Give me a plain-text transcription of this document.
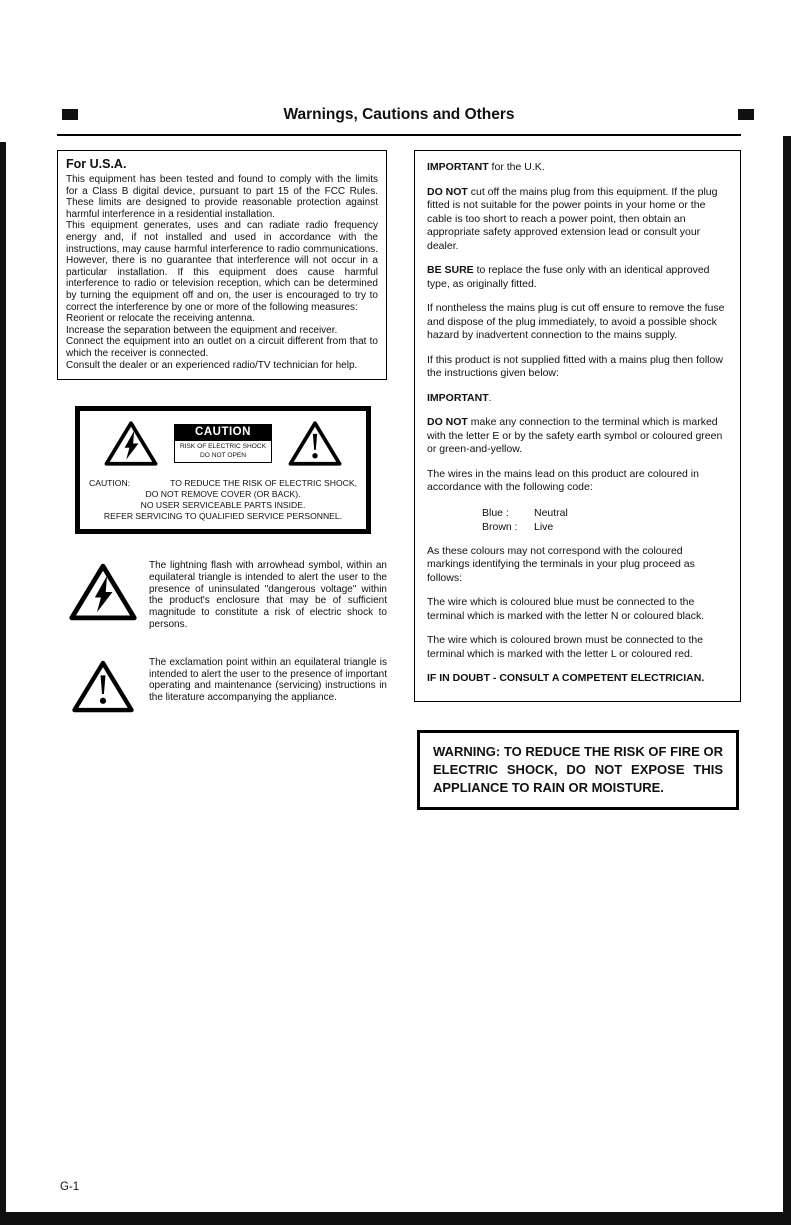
Warnings, Cautions and Others

For U.S.A.

This equipment has been tested and found to comply with the limits for a Class B digital device, pursuant to part 15 of the FCC Rules. These limits are designed to provide reasonable protection against harmful interference in a residential installation.

This equipment generates, uses and can radiate radio frequency energy and, if not installed and used in accordance with the instructions, may cause harmful interference to radio communications. However, there is no guarantee that interference will not occur in a particular installation. If this equipment does cause harmful interference to radio or television reception, which can be determined by turning the equipment off and on, the user is encouraged to try to correct the interference by one or more of the following measures:

Reorient or relocate the receiving antenna.

Increase the separation between the equipment and receiver.

Connect the equipment into an outlet on a circuit different from that to which the receiver is connected.

Consult the dealer or an experienced radio/TV technician for help.

CAUTION
RISK OF ELECTRIC SHOCK
DO NOT OPEN
CAUTION:	TO REDUCE THE RISK OF ELECTRIC SHOCK,
DO NOT REMOVE COVER (OR BACK).
NO USER SERVICEABLE PARTS INSIDE.
REFER SERVICING TO QUALIFIED SERVICE PERSONNEL.
The lightning flash with arrowhead symbol, within an equilateral triangle is intended to alert the user to the presence of uninsulated "dangerous voltage" within the product's enclosure that may be of sufficient magnitude to constitute a risk of electric shock to persons.
The exclamation point within an equilateral triangle is intended to alert the user to the presence of important operating and maintenance (servicing) instructions in the literature accompanying the appliance.

IMPORTANT for the U.K.

DO NOT cut off the mains plug from this equipment. If the plug fitted is not suitable for the power points in your home or the cable is too short to reach a power point, then obtain an appropriate safety approved extension lead or consult your dealer.

BE SURE to replace the fuse only with an identical approved type, as originally fitted.

If nontheless the mains plug is cut off ensure to remove the fuse and dispose of the plug immediately, to avoid a possible shock hazard by inadvertent connection to the mains supply.

If this product is not supplied fitted with a mains plug then follow the instructions given below:

IMPORTANT.

DO NOT make any connection to the terminal which is marked with the letter E or by the safety earth symbol or coloured green or green-and-yellow.

The wires in the mains lead on this product are coloured in accordance with the following code:

Blue : Neutral
Brown : Live

As these colours may not correspond with the coloured markings identifying the terminals in your plug proceed as follows:

The wire which is coloured blue must be connected to the terminal which is marked with the letter N or coloured black.

The wire which is coloured brown must be connected to the terminal which is marked with the letter L or coloured red.

IF IN DOUBT - CONSULT A COMPETENT ELECTRICIAN.

WARNING: TO REDUCE THE RISK OF FIRE OR ELECTRIC SHOCK, DO NOT EXPOSE THIS APPLIANCE TO RAIN OR MOISTURE.
G-1
